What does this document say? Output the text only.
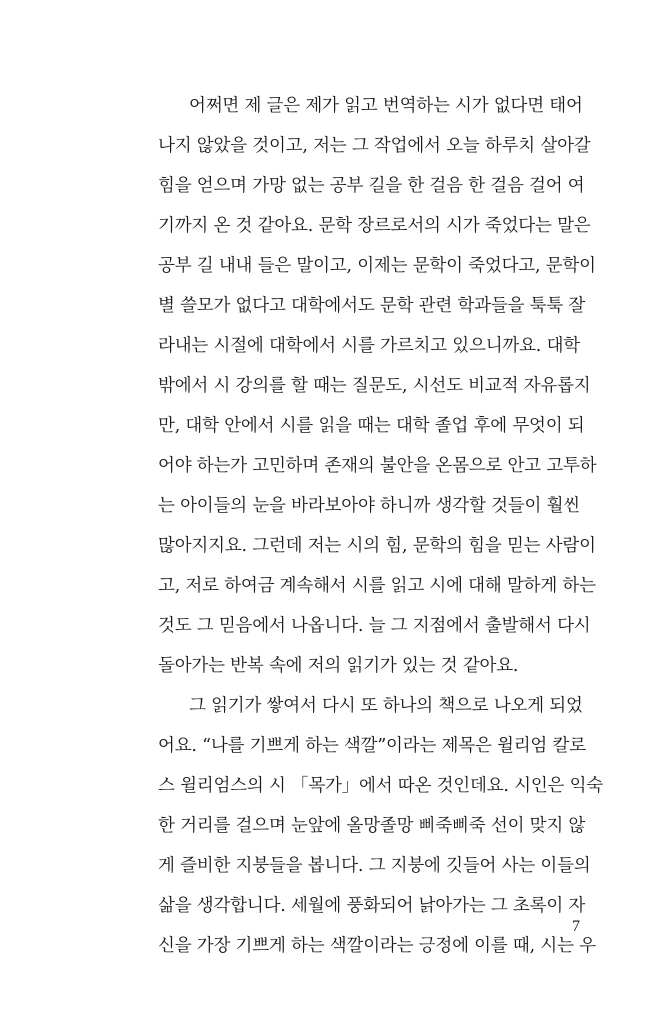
어쩌면 제 글은 제가 읽고 번역하는 시가 없다면 태어
나지 않았을 것이고, 저는 그 작업에서 오늘 하루치 살아갈
힘을 얻으며 가망 없는 공부 길을 한 걸음 한 걸음 걸어 여
기까지 온 것 같아요. 문학 장르로서의 시가 죽었다는 말은
공부 길 내내 들은 말이고, 이제는 문학이 죽었다고, 문학이
별 쓸모가 없다고 대학에서도 문학 관련 학과들을 툭툭 잘
라내는 시절에 대학에서 시를 가르치고 있으니까요. 대학
밖에서 시 강의를 할 때는 질문도, 시선도 비교적 자유롭지
만, 대학 안에서 시를 읽을 때는 대학 졸업 후에 무엇이 되
어야 하는가 고민하며 존재의 불안을 온몸으로 안고 고투하
는 아이들의 눈을 바라보아야 하니까 생각할 것들이 훨씬
많아지지요. 그런데 저는 시의 힘, 문학의 힘을 믿는 사람이
고, 저로 하여금 계속해서 시를 읽고 시에 대해 말하게 하는
것도 그 믿음에서 나옵니다. 늘 그 지점에서 출발해서 다시
돌아가는 반복 속에 저의 읽기가 있는 것 같아요.
그 읽기가 쌓여서 다시 또 하나의 책으로 나오게 되었
어요. “나를 기쁘게 하는 색깔”이라는 제목은 윌리엄 칼로
스 윌리엄스의 시 「목가」에서 따온 것인데요. 시인은 익숙
한 거리를 걸으며 눈앞에 올망졸망 삐죽삐죽 선이 맞지 않
게 즐비한 지붕들을 봅니다. 그 지붕에 깃들어 사는 이들의
삶을 생각합니다. 세월에 풍화되어 낡아가는 그 초록이 자
신을 가장 기쁘게 하는 색깔이라는 긍정에 이를 때, 시는 우
7
